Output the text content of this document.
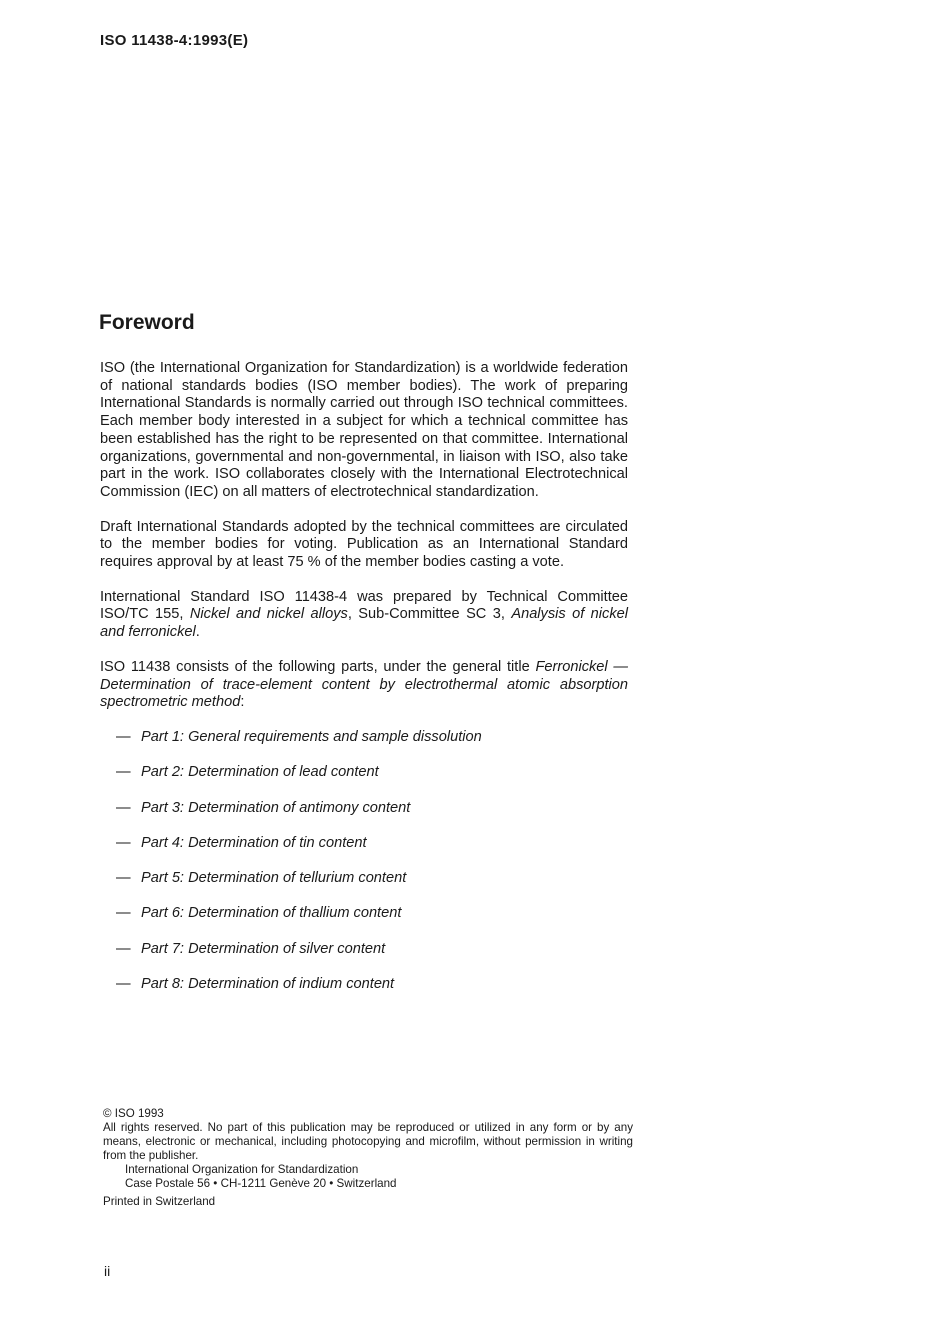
ISO 11438-4:1993(E)
Foreword

ISO (the International Organization for Standardization) is a worldwide federation of national standards bodies (ISO member bodies). The work of preparing International Standards is normally carried out through ISO technical committees. Each member body interested in a subject for which a technical committee has been established has the right to be represented on that committee. International organizations, governmental and non-governmental, in liaison with ISO, also take part in the work. ISO collaborates closely with the International Electrotechnical Commission (IEC) on all matters of electrotechnical standardization.

Draft International Standards adopted by the technical committees are circulated to the member bodies for voting. Publication as an International Standard requires approval by at least 75 % of the member bodies casting a vote.

International Standard ISO 11438-4 was prepared by Technical Committee ISO/TC 155, Nickel and nickel alloys, Sub-Committee SC 3, Analysis of nickel and ferronickel.

ISO 11438 consists of the following parts, under the general title Ferronickel — Determination of trace-element content by electrothermal atomic absorption spectrometric method:

— Part 1: General requirements and sample dissolution
— Part 2: Determination of lead content
— Part 3: Determination of antimony content
— Part 4: Determination of tin content
— Part 5: Determination of tellurium content
— Part 6: Determination of thallium content
— Part 7: Determination of silver content
— Part 8: Determination of indium content
© ISO 1993
All rights reserved. No part of this publication may be reproduced or utilized in any form or by any means, electronic or mechanical, including photocopying and microfilm, without permission in writing from the publisher.
International Organization for Standardization
Case Postale 56 • CH-1211 Genève 20 • Switzerland
Printed in Switzerland
ii
